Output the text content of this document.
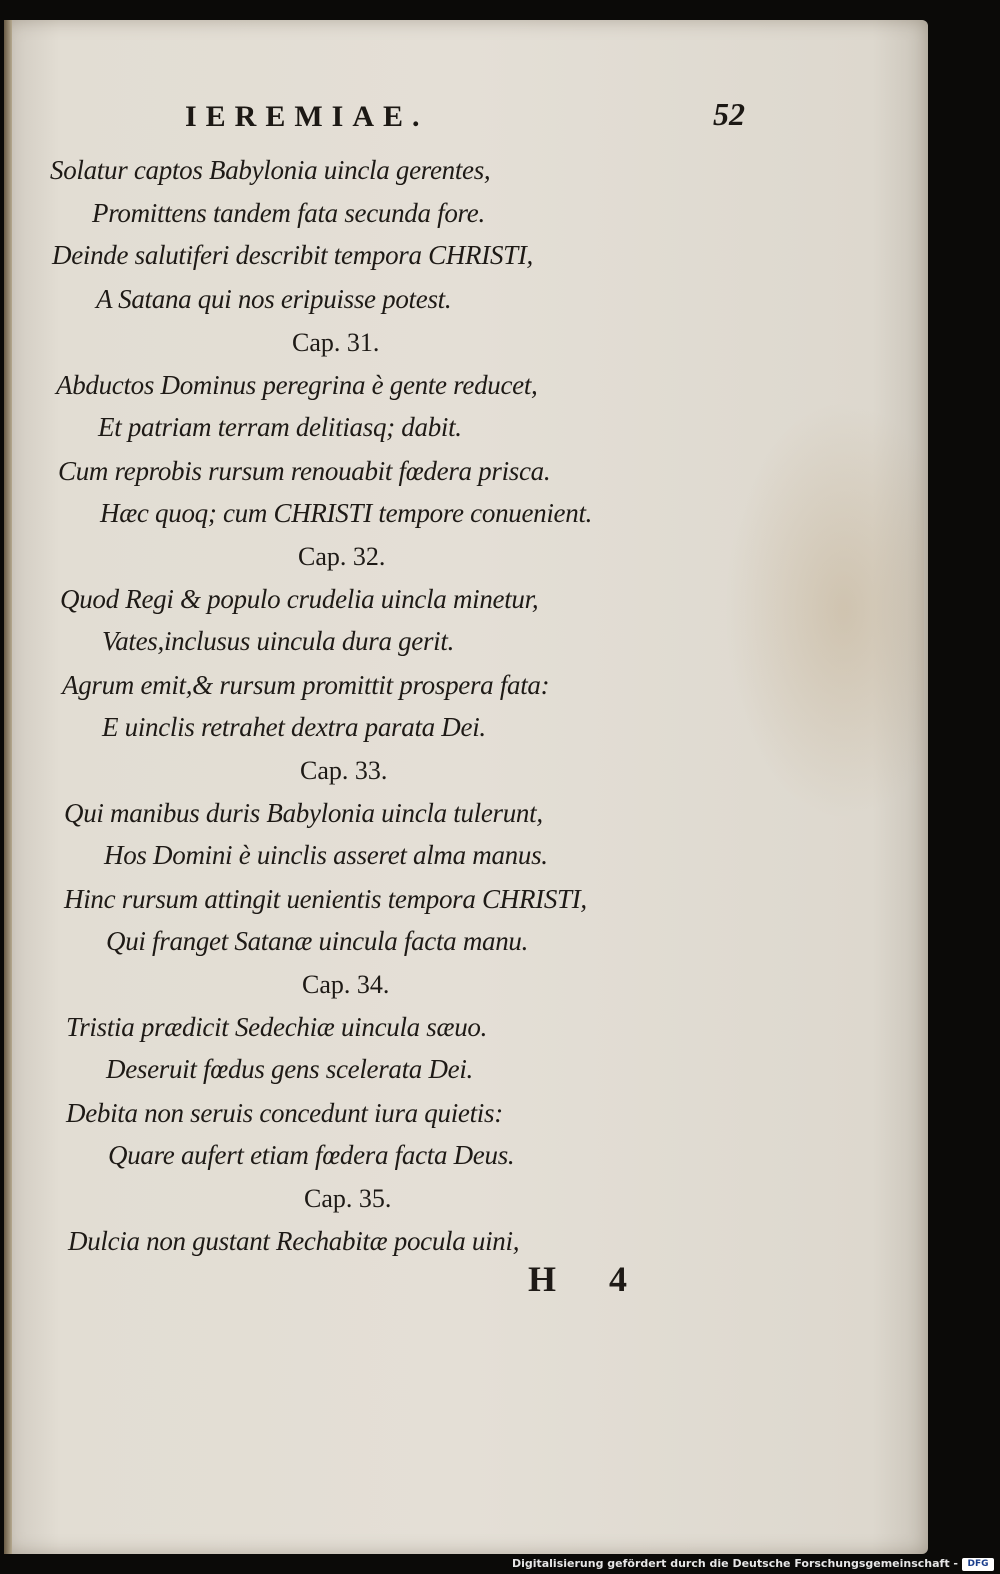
IEREMIAE.	52
Solatur captos Babylonia uincla gerentes,
Promittens tandem fata secunda fore.
Deinde salutiferi describit tempora CHRISTI,
A Satana qui nos eripuisse potest.
Cap. 31.
Abductos Dominus peregrina è gente reducet,
Et patriam terram delitiasq; dabit.
Cum reprobis rursum renouabit fœdera prisca.
Hæc quoq; cum CHRISTI tempore conuenient.
Cap. 32.
Quod Regi & populo crudelia uincla minetur,
Vates,inclusus uincula dura gerit.
Agrum emit,& rursum promittit prospera fata:
E uinclis retrahet dextra parata Dei.
Cap. 33.
Qui manibus duris Babylonia uincla tulerunt,
Hos Domini è uinclis asseret alma manus.
Hinc rursum attingit uenientis tempora CHRISTI,
Qui franget Satanæ uincula facta manu.
Cap. 34.
Tristia prædicit Sedechiæ uincula sæuo.
Deseruit fœdus gens scelerata Dei.
Debita non seruis concedunt iura quietis:
Quare aufert etiam fœdera facta Deus.
Cap. 35.
Dulcia non gustant Rechabitæ pocula uini,
H 4
Digitalisierung gefördert durch die Deutsche Forschungsgemeinschaft -	DFG
